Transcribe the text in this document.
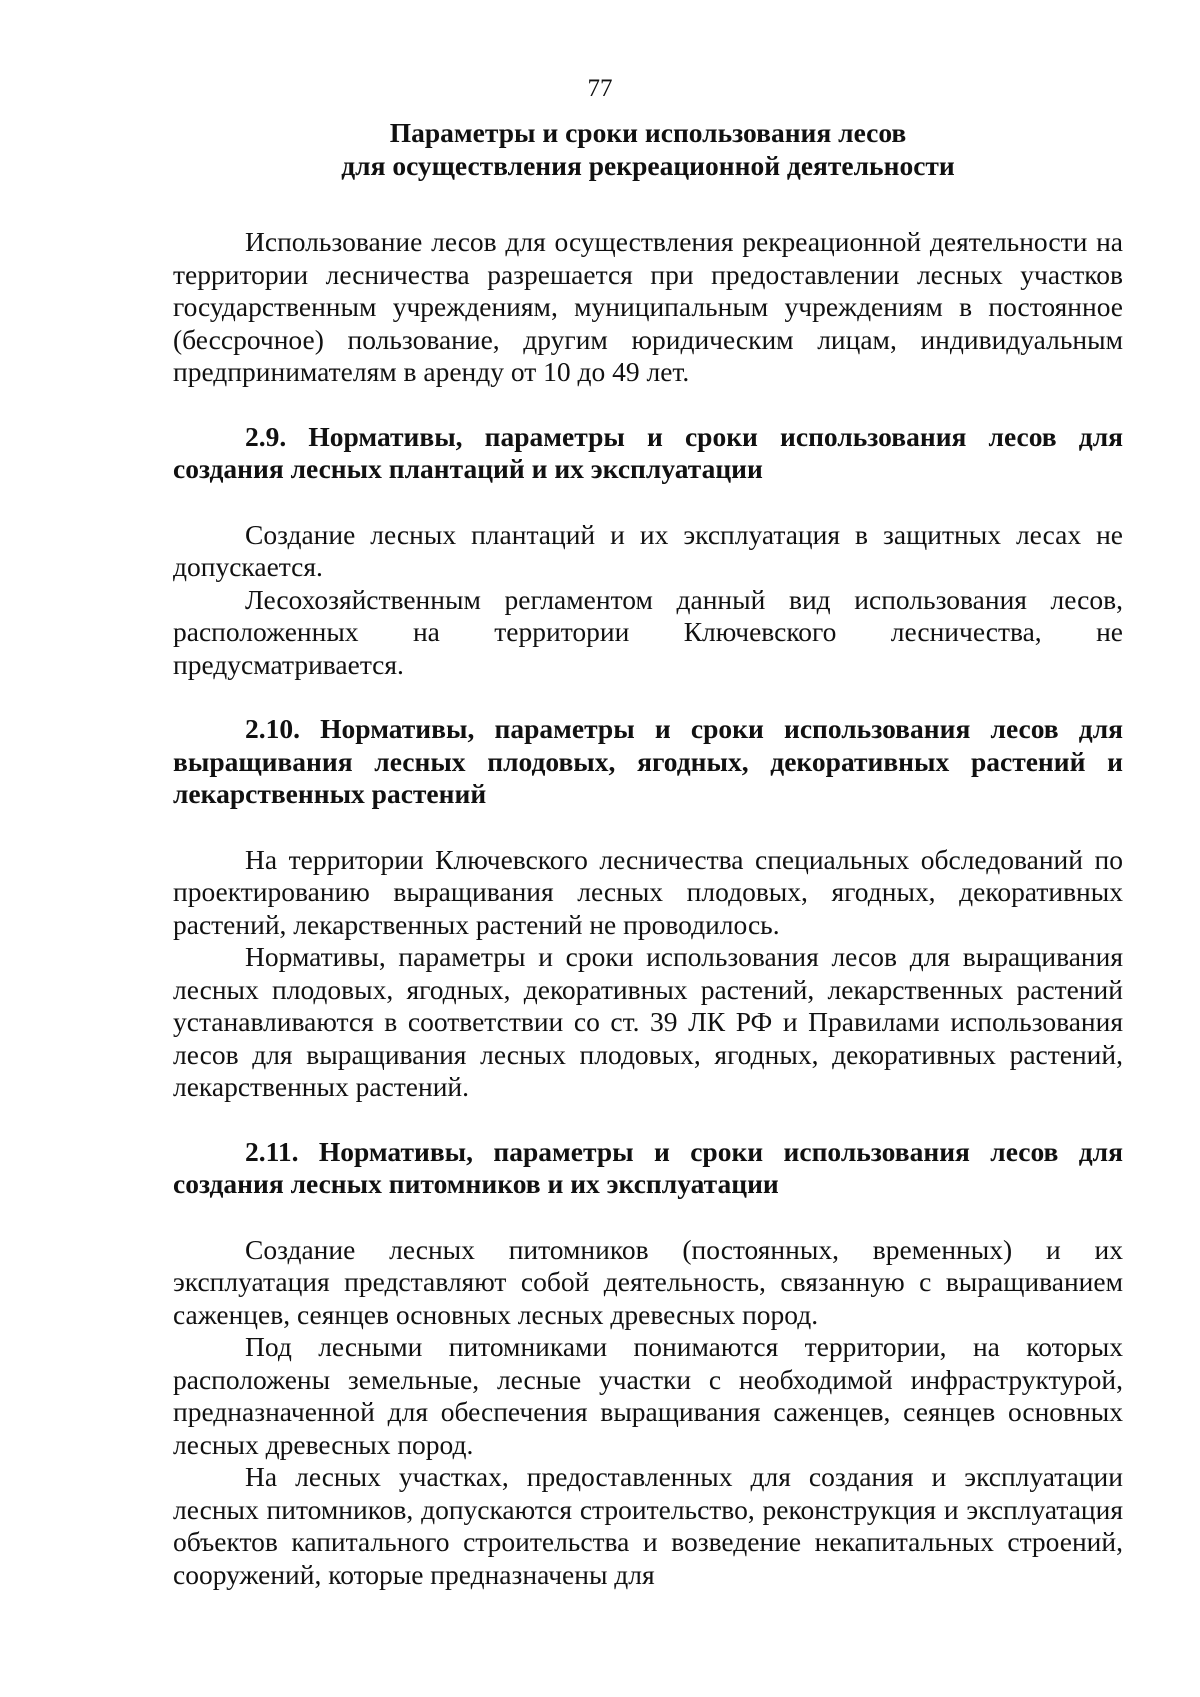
77
Параметры и сроки использования лесов
для осуществления рекреационной деятельности

Использование лесов для осуществления рекреационной деятельности на территории лесничества разрешается при предоставлении лесных участков государственным учреждениям, муниципальным учреждениям в постоянное (бессрочное) пользование, другим юридическим лицам, индивидуальным предпринимателям в аренду от 10 до 49 лет.

2.9. Нормативы, параметры и сроки использования лесов для создания лесных плантаций и их эксплуатации

Создание лесных плантаций и их эксплуатация в защитных лесах не допускается.

Лесохозяйственным регламентом данный вид использования лесов, расположенных на территории Ключевского лесничества, не предусматривается.

2.10. Нормативы, параметры и сроки использования лесов для выращивания лесных плодовых, ягодных, декоративных растений и лекарственных растений

На территории Ключевского лесничества специальных обследований по проектированию выращивания лесных плодовых, ягодных, декоративных растений, лекарственных растений не проводилось.

Нормативы, параметры и сроки использования лесов для выращивания лесных плодовых, ягодных, декоративных растений, лекарственных растений устанавливаются в соответствии со ст. 39 ЛК РФ и Правилами использования лесов для выращивания лесных плодовых, ягодных, декоративных растений, лекарственных растений.

2.11. Нормативы, параметры и сроки использования лесов для создания лесных питомников и их эксплуатации

Создание лесных питомников (постоянных, временных) и их эксплуатация представляют собой деятельность, связанную с выращиванием саженцев, сеянцев основных лесных древесных пород.

Под лесными питомниками понимаются территории, на которых расположены земельные, лесные участки с необходимой инфраструктурой, предназначенной для обеспечения выращивания саженцев, сеянцев основных лесных древесных пород.

На лесных участках, предоставленных для создания и эксплуатации лесных питомников, допускаются строительство, реконструкция и эксплуатация объектов капитального строительства и возведение некапитальных строений, сооружений, которые предназначены для
